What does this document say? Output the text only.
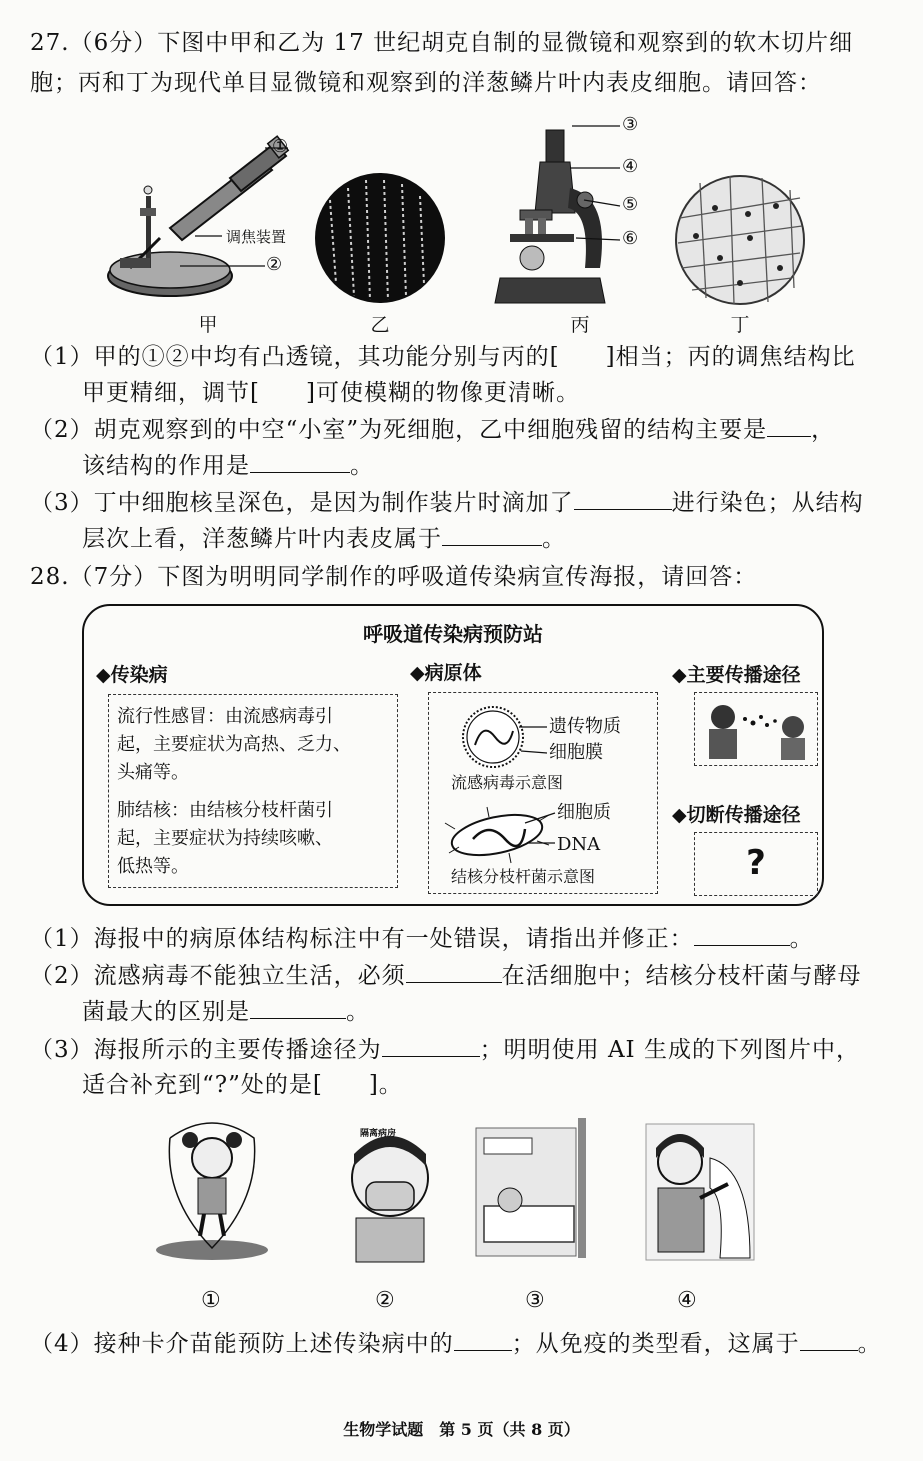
27.（6分）下图中甲和乙为 17 世纪胡克自制的显微镜和观察到的软木切片细
胞；丙和丁为现代单目显微镜和观察到的洋葱鳞片叶内表皮细胞。请回答：
①
调焦装置
②
③
④
⑤
⑥
甲	乙	丙	丁
（1）甲的①②中均有凸透镜，其功能分别与丙的[ ]相当；丙的调焦结构比
甲更精细，调节[ ]可使模糊的物像更清晰。
（2）胡克观察到的中空“小室”为死细胞，乙中细胞残留的结构主要是 ，
该结构的作用是	。
（3）丁中细胞核呈深色，是因为制作装片时滴加了	进行染色；从结构
层次上看，洋葱鳞片叶内表皮属于	。
28.（7分）下图为明明同学制作的呼吸道传染病宣传海报，请回答：
呼吸道传染病预防站
◆传染病
流行性感冒：由流感病毒引
起，主要症状为高热、乏力、
头痛等。
肺结核：由结核分枝杆菌引
起，主要症状为持续咳嗽、
低热等。
◆病原体
遗传物质
细胞膜
流感病毒示意图
细胞质
DNA
结核分枝杆菌示意图
◆主要传播途径
◆切断传播途径
?
（1）海报中的病原体结构标注中有一处错误，请指出并修正：	。
（2）流感病毒不能独立生活，必须	在活细胞中；结核分枝杆菌与酵母
菌最大的区别是	。
（3）海报所示的主要传播途径为	；明明使用 AI 生成的下列图片中，
适合补充到“?”处的是[ ]。
隔离病房
①	②	③	④
（4）接种卡介苗能预防上述传染病中的	；从免疫的类型看，这属于	。
生物学试题　第 5 页（共 8 页）
